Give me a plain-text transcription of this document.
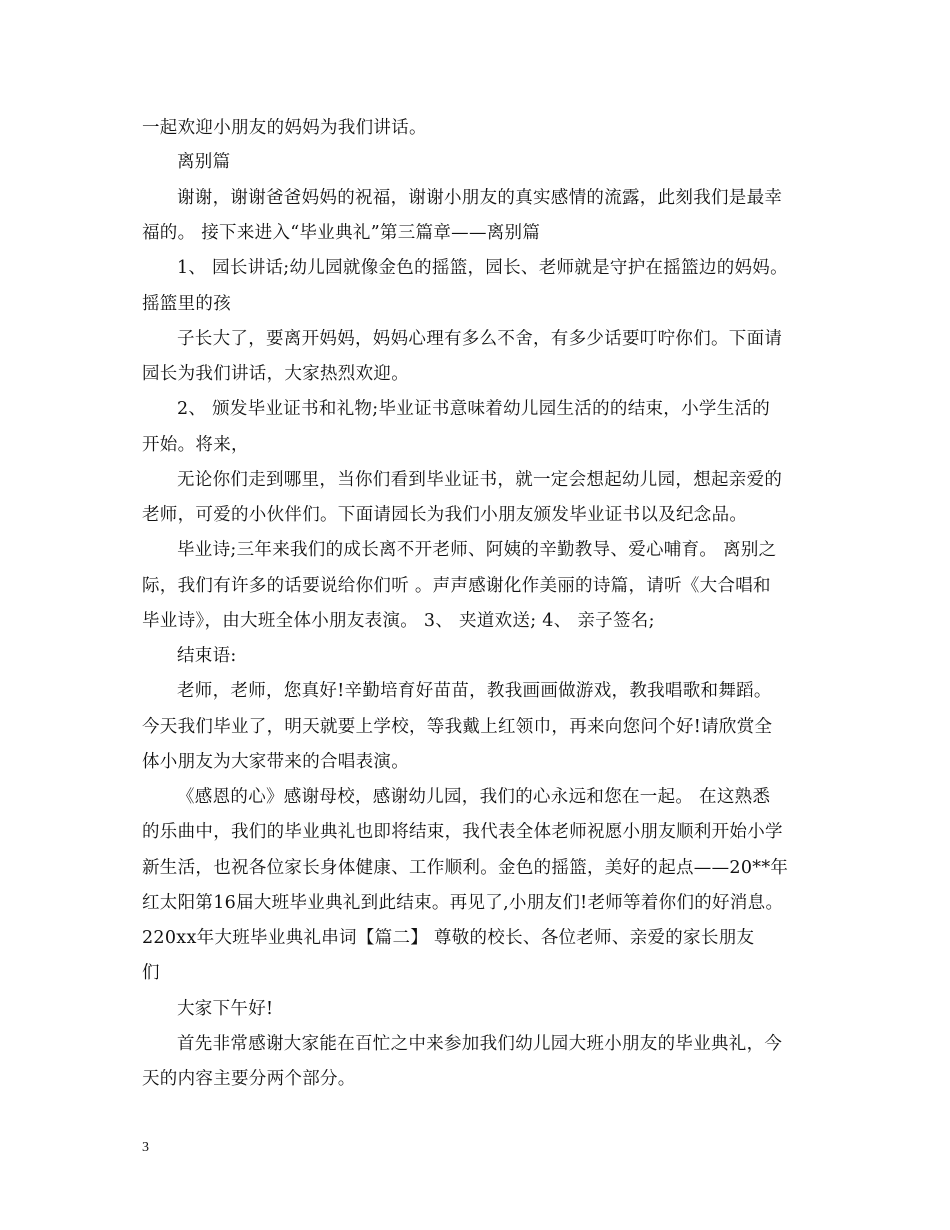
一起欢迎小朋友的妈妈为我们讲话。
离别篇
谢谢，谢谢爸爸妈妈的祝福，谢谢小朋友的真实感情的流露，此刻我们是最幸
福的。 接下来进入“毕业典礼”第三篇章——离别篇
1、 园长讲话;幼儿园就像金色的摇篮，园长、老师就是守护在摇篮边的妈妈。
摇篮里的孩
子长大了，要离开妈妈，妈妈心理有多么不舍，有多少话要叮咛你们。下面请
园长为我们讲话，大家热烈欢迎。
2、 颁发毕业证书和礼物;毕业证书意味着幼儿园生活的的结束，小学生活的
开始。将来，
无论你们走到哪里，当你们看到毕业证书，就一定会想起幼儿园，想起亲爱的
老师，可爱的小伙伴们。下面请园长为我们小朋友颁发毕业证书以及纪念品。
毕业诗;三年来我们的成长离不开老师、阿姨的辛勤教导、爱心哺育。 离别之
际，我们有许多的话要说给你们听 。声声感谢化作美丽的诗篇，请听《大合唱和
毕业诗》，由大班全体小朋友表演。 3、 夹道欢送; 4、 亲子签名;
结束语:
老师，老师，您真好!辛勤培育好苗苗，教我画画做游戏，教我唱歌和舞蹈。
今天我们毕业了，明天就要上学校，等我戴上红领巾，再来向您问个好!请欣赏全
体小朋友为大家带来的合唱表演。
《感恩的心》感谢母校，感谢幼儿园，我们的心永远和您在一起。 在这熟悉
的乐曲中，我们的毕业典礼也即将结束，我代表全体老师祝愿小朋友顺利开始小学
新生活，也祝各位家长身体健康、工作顺利。金色的摇篮，美好的起点——20**年
红太阳第16届大班毕业典礼到此结束。再见了,小朋友们!老师等着你们的好消息。
220xx年大班毕业典礼串词【篇二】 尊敬的校长、各位老师、亲爱的家长朋友
们
大家下午好!
首先非常感谢大家能在百忙之中来参加我们幼儿园大班小朋友的毕业典礼，今
天的内容主要分两个部分。
3
